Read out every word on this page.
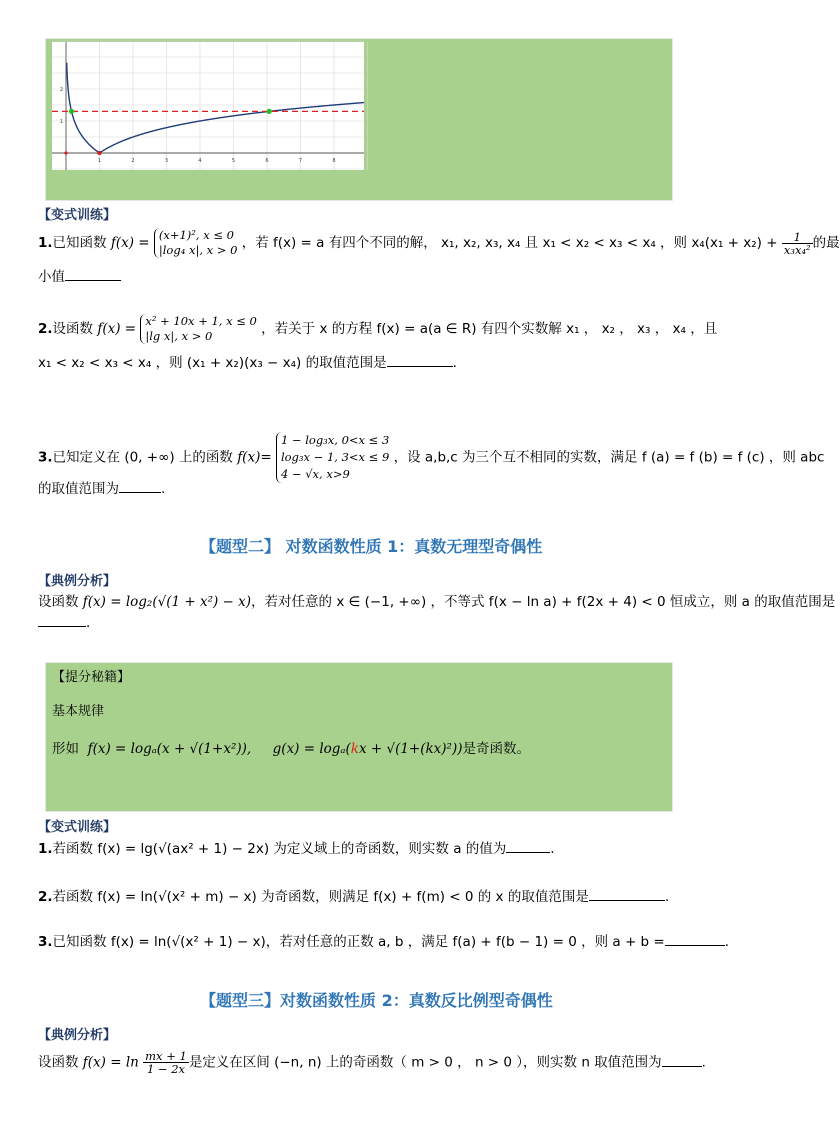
1	2	3	4	5	6	7	8
1
2
【变式训练】
1.已知函数 f(x) = (x+1)², x ≤ 0
|log₄ x|, x > 0 ，若 f(x) = a 有四个不同的解， x₁, x₂, x₃, x₄ 且 x₁ < x₂ < x₃ < x₄ ，则 $x_4(x_1 + x_2) + \frac{1}{\text{x₃x₄²}}$ 的最
小值
2.设函数 f(x) = x² + 10x + 1, x ≤ 0
|lg x|, x > 0	，若关于 x 的方程 f(x) = a(a ∈ R) 有四个实数解 x₁ ， x₂ ， x₃ ， x₄ ，且
x₁ < x₂ < x₃ < x₄ ，则 (x₁ + x₂)(x₃ − x₄) 的取值范围是	.
3.已知定义在 (0, +∞) 上的函数 f(x)=
1 − log₃x, 0<x ≤ 3
log₃x − 1, 3<x ≤ 9
4 − √x, x>9
，设 a,b,c 为三个互不相同的实数，满足 f (a) = f (b) = f (c) ，则 abc
的取值范围为	.
【题型二】 对数函数性质 1：真数无理型奇偶性
【典例分析】
设函数 f(x) = log₂(√(1 + x²) − x)，若对任意的 x ∈ (−1, +∞) ，不等式 f(x − ln a) + f(2x + 4) < 0 恒成立，则 a 的取值范围是
.
【提分秘籍】
基本规律
形如 f(x) = logₐ(x + √(1+x²)), g(x) = logₐ(kx + √(1+(kx)²))是奇函数。
【变式训练】
1.若函数 f(x) = lg(√(ax² + 1) − 2x) 为定义域上的奇函数，则实数 a 的值为	.
2.若函数 f(x) = ln(√(x² + m) − x) 为奇函数，则满足 f(x) + f(m) < 0 的 x 的取值范围是	.
3.已知函数 f(x) = ln(√(x² + 1) − x)，若对任意的正数 a, b ，满足 f(a) + f(b − 1) = 0 ，则 a + b =	.
【题型三】对数函数性质 2：真数反比例型奇偶性
【典例分析】
设函数 $f(x) = \ln \frac{mx + 1}{1 - 2x}$ 是定义在区间 (−n, n) 上的奇函数（ m > 0 ， n > 0 ），则实数 n 取值范围为	.
